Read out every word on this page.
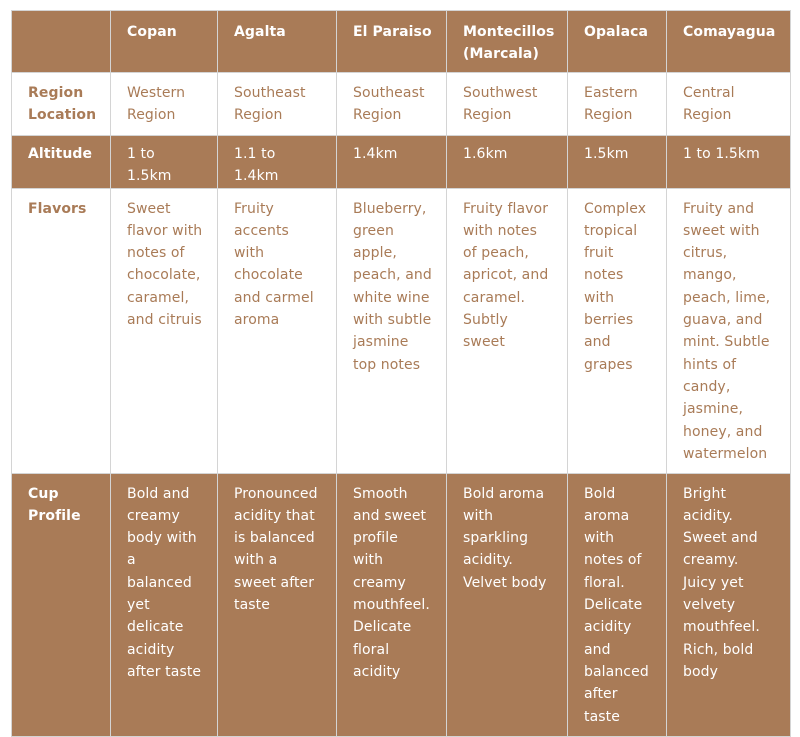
	Copan	Agalta	El Paraiso	Montecillos (Marcala)	Opalaca	Comayagua
Region Location	Western Region	Southeast Region	Southeast Region	Southwest Region	Eastern Region	Central Region
Altitude	1 to 1.5km	1.1 to 1.4km	1.4km	1.6km	1.5km	1 to 1.5km
Flavors	Sweet flavor with notes of chocolate, caramel, and citruis	Fruity accents with chocolate and carmel aroma	Blueberry, green apple, peach, and white wine with subtle jasmine top notes	Fruity flavor with notes of peach, apricot, and caramel. Subtly sweet	Complex tropical fruit notes with berries and grapes	Fruity and sweet with citrus, mango, peach, lime, guava, and mint. Subtle hints of candy, jasmine, honey, and watermelon
Cup Profile	Bold and creamy body with a balanced yet delicate acidity after taste	Pronounced acidity that is balanced with a sweet after taste	Smooth and sweet profile with creamy mouthfeel. Delicate floral acidity	Bold aroma with sparkling acidity. Velvet body	Bold aroma with notes of floral. Delicate acidity and balanced after taste	Bright acidity. Sweet and creamy. Juicy yet velvety mouthfeel. Rich, bold body
